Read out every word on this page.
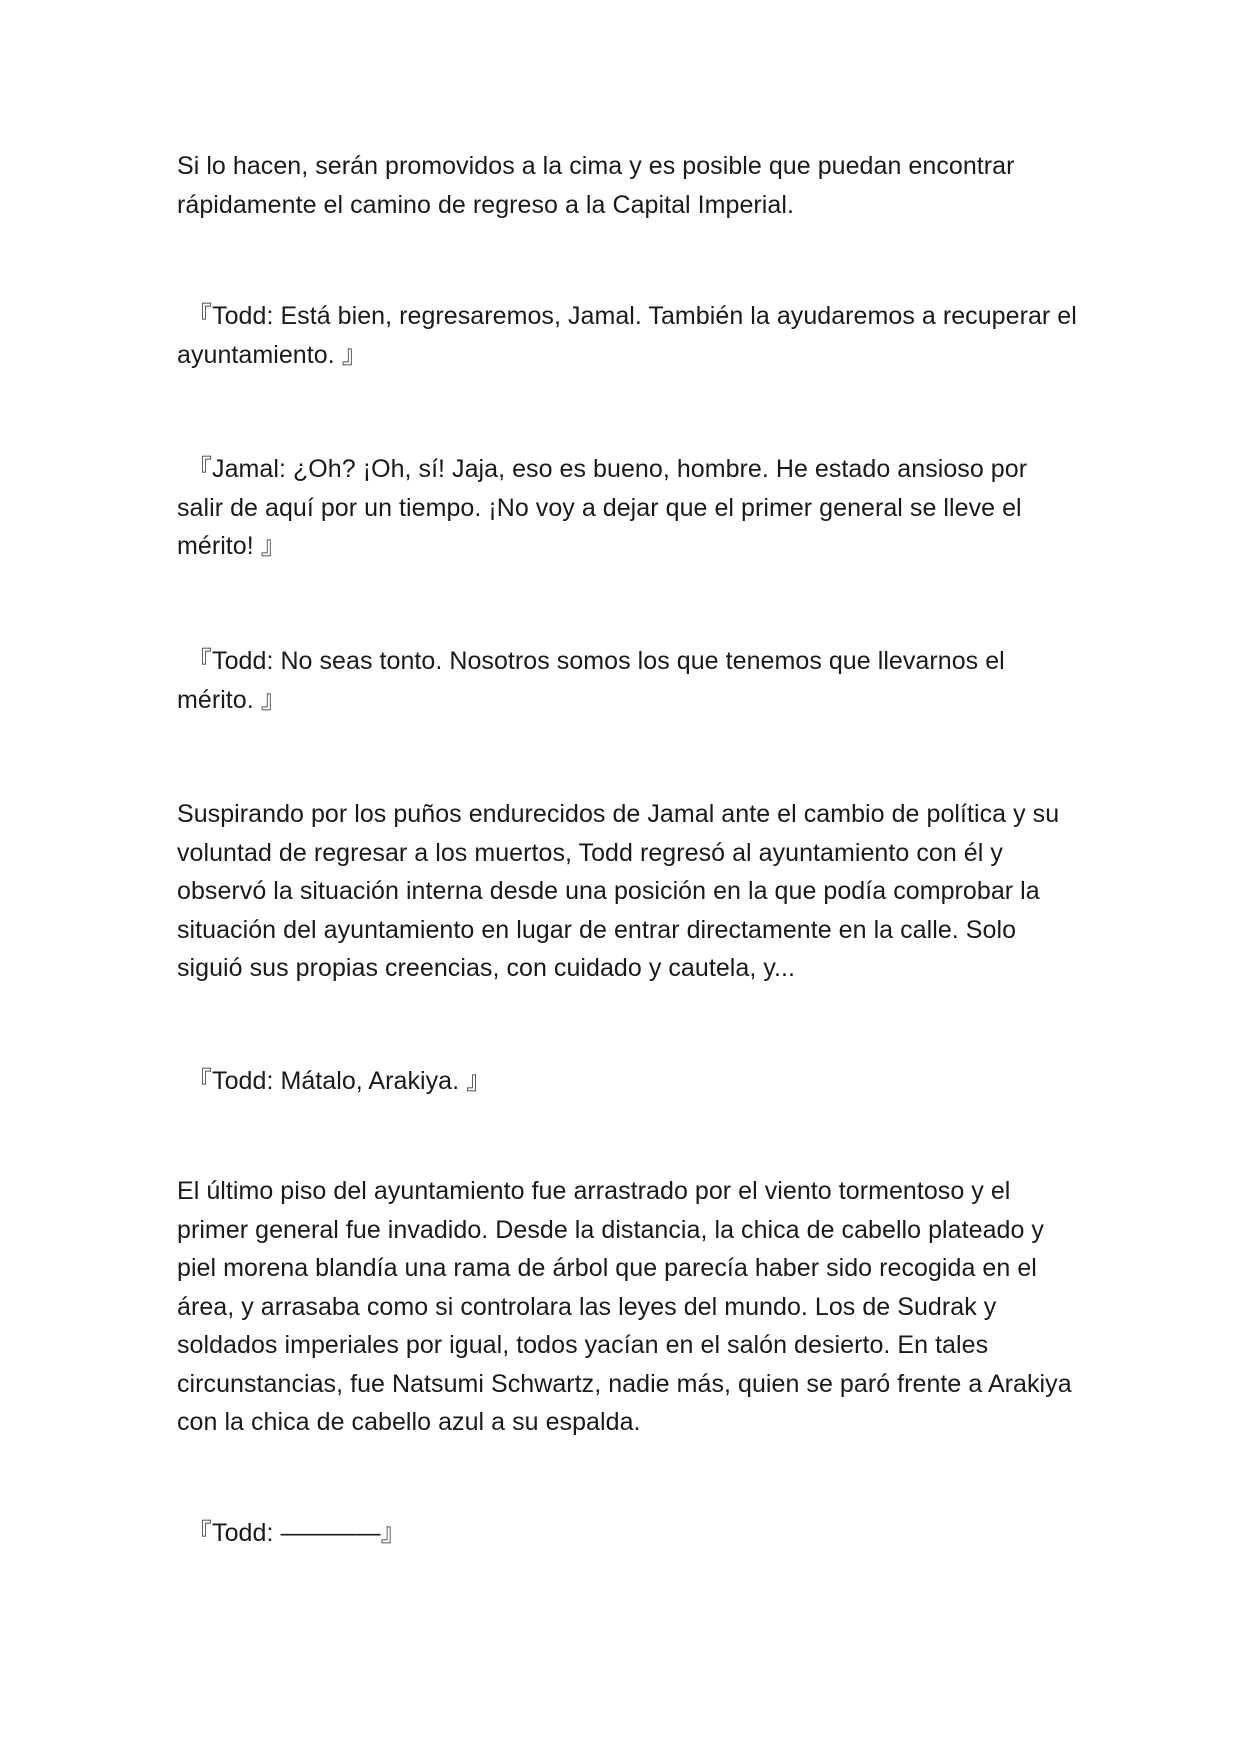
Si lo hacen, serán promovidos a la cima y es posible que puedan encontrar rápidamente el camino de regreso a la Capital Imperial.

『Todd: Está bien, regresaremos, Jamal. También la ayudaremos a recuperar el ayuntamiento. 』

『Jamal: ¿Oh? ¡Oh, sí! Jaja, eso es bueno, hombre. He estado ansioso por salir de aquí por un tiempo. ¡No voy a dejar que el primer general se lleve el mérito! 』

『Todd: No seas tonto. Nosotros somos los que tenemos que llevarnos el mérito. 』

Suspirando por los puños endurecidos de Jamal ante el cambio de política y su voluntad de regresar a los muertos, Todd regresó al ayuntamiento con él y observó la situación interna desde una posición en la que podía comprobar la situación del ayuntamiento en lugar de entrar directamente en la calle. Solo siguió sus propias creencias, con cuidado y cautela, y...

『Todd: Mátalo, Arakiya. 』

El último piso del ayuntamiento fue arrastrado por el viento tormentoso y el primer general fue invadido. Desde la distancia, la chica de cabello plateado y piel morena blandía una rama de árbol que parecía haber sido recogida en el área, y arrasaba como si controlara las leyes del mundo. Los de Sudrak y soldados imperiales por igual, todos yacían en el salón desierto. En tales circunstancias, fue Natsumi Schwartz, nadie más, quien se paró frente a Arakiya con la chica de cabello azul a su espalda.

『Todd: ————』
